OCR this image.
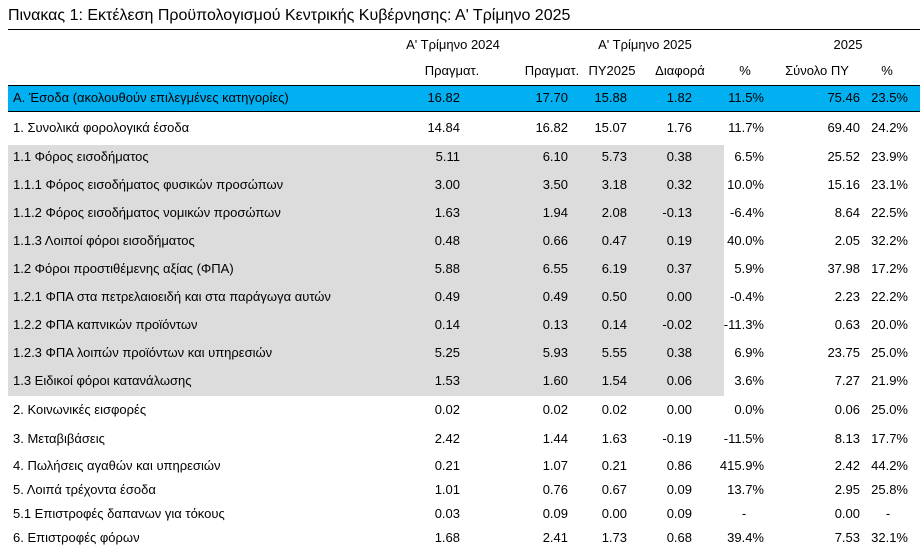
Πινακας 1: Εκτέλεση Προϋπολογισμού Κεντρικής Κυβέρνησης: Α' Τρίμηνο 2025
Α' Τρίμηνο 2024	Α' Τρίμηνο 2025	2025
Πραγματ.	Πραγματ. ΠΥ2025	Διαφορά	%	Σύνολο ΠΥ	%
Α. Έσοδα (ακολουθούν επιλεγμένες κατηγορίες)	16.82	17.70	15.88	1.82	11.5%	75.46 23.5%
1. Συνολικά φορολογικά έσοδα	14.84	16.82	15.07	1.76	11.7%	69.40 24.2%
1.1 Φόρος εισοδήματος	5.11	6.10	5.73	0.38	6.5%	25.52 23.9%
1.1.1 Φόρος εισοδήματος φυσικών προσώπων	3.00	3.50	3.18	0.32	10.0%	15.16 23.1%
1.1.2 Φόρος εισοδήματος νομικών προσώπων	1.63	1.94	2.08	-0.13	-6.4%	8.64 22.5%
1.1.3 Λοιποί φόροι εισοδήματος	0.48	0.66	0.47	0.19	40.0%	2.05 32.2%
1.2 Φόροι προστιθέμενης αξίας (ΦΠΑ)	5.88	6.55	6.19	0.37	5.9%	37.98 17.2%
1.2.1 ΦΠΑ στα πετρελαιοειδή και στα παράγωγα αυτών	0.49	0.49	0.50	0.00	-0.4%	2.23 22.2%
1.2.2 ΦΠΑ καπνικών προϊόντων	0.14	0.13	0.14	-0.02	-11.3%	0.63 20.0%
1.2.3 ΦΠΑ λοιπών προϊόντων και υπηρεσιών	5.25	5.93	5.55	0.38	6.9%	23.75 25.0%
1.3 Ειδικοί φόροι κατανάλωσης	1.53	1.60	1.54	0.06	3.6%	7.27 21.9%
2. Κοινωνικές εισφορές	0.02	0.02	0.02	0.00	0.0%	0.06 25.0%
3. Μεταβιβάσεις	2.42	1.44	1.63	-0.19	-11.5%	8.13 17.7%
4. Πωλήσεις αγαθών και υπηρεσιών	0.21	1.07	0.21	0.86	415.9%	2.42 44.2%
5. Λοιπά τρέχοντα έσοδα	1.01	0.76	0.67	0.09	13.7%	2.95 25.8%
5.1 Επιστροφές δαπανων για τόκους	0.03	0.09	0.00	0.09	-	0.00	-
6. Επιστροφές φόρων	1.68	2.41	1.73	0.68	39.4%	7.53 32.1%
